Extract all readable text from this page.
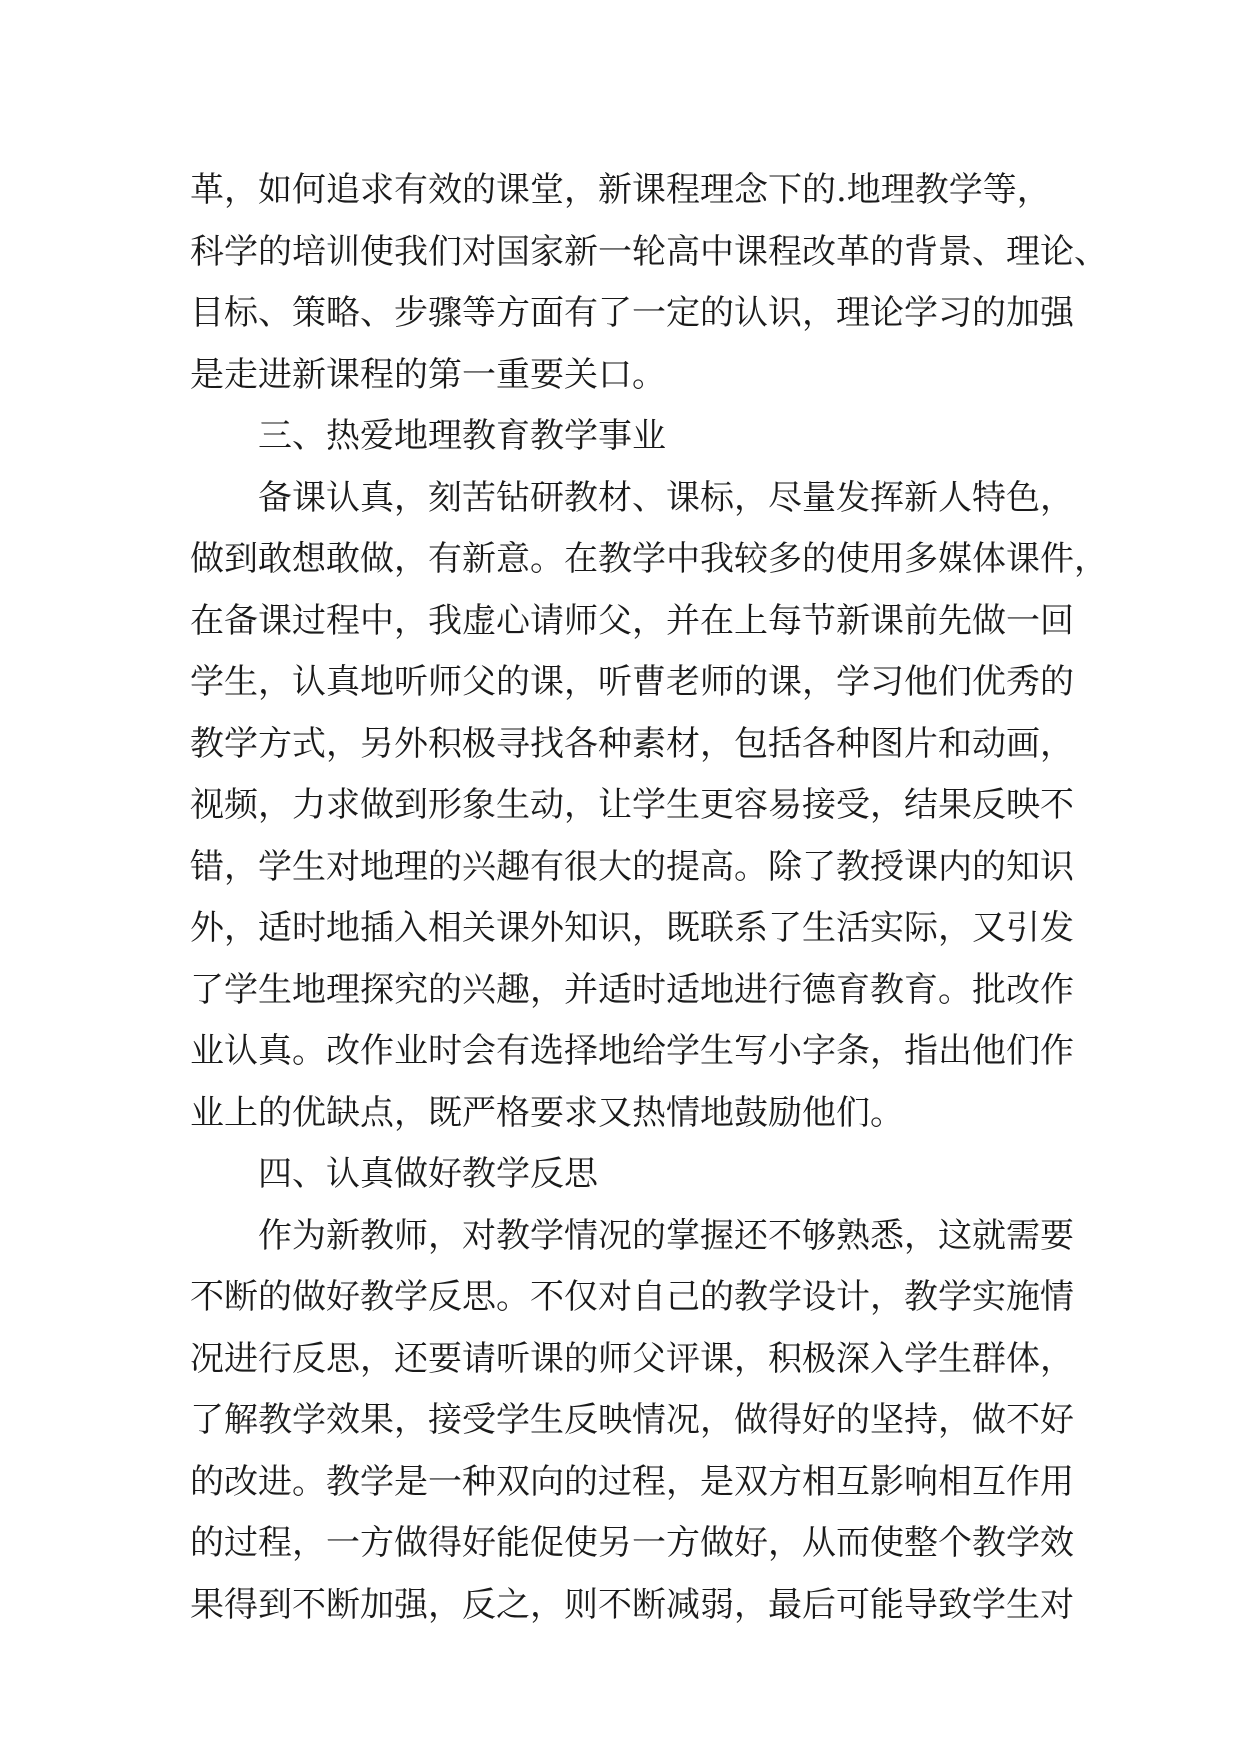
革，如何追求有效的课堂，新课程理念下的.地理教学等，
科学的培训使我们对国家新一轮高中课程改革的背景、理论、
目标、策略、步骤等方面有了一定的认识，理论学习的加强
是走进新课程的第一重要关口。
三、热爱地理教育教学事业
备课认真，刻苦钻研教材、课标，尽量发挥新人特色，
做到敢想敢做，有新意。在教学中我较多的使用多媒体课件，
在备课过程中，我虚心请师父，并在上每节新课前先做一回
学生，认真地听师父的课，听曹老师的课，学习他们优秀的
教学方式，另外积极寻找各种素材，包括各种图片和动画，
视频，力求做到形象生动，让学生更容易接受，结果反映不
错，学生对地理的兴趣有很大的提高。除了教授课内的知识
外，适时地插入相关课外知识，既联系了生活实际，又引发
了学生地理探究的兴趣，并适时适地进行德育教育。批改作
业认真。改作业时会有选择地给学生写小字条，指出他们作
业上的优缺点，既严格要求又热情地鼓励他们。
四、认真做好教学反思
作为新教师，对教学情况的掌握还不够熟悉，这就需要
不断的做好教学反思。不仅对自己的教学设计，教学实施情
况进行反思，还要请听课的师父评课，积极深入学生群体，
了解教学效果，接受学生反映情况，做得好的坚持，做不好
的改进。教学是一种双向的过程，是双方相互影响相互作用
的过程，一方做得好能促使另一方做好，从而使整个教学效
果得到不断加强，反之，则不断减弱，最后可能导致学生对
